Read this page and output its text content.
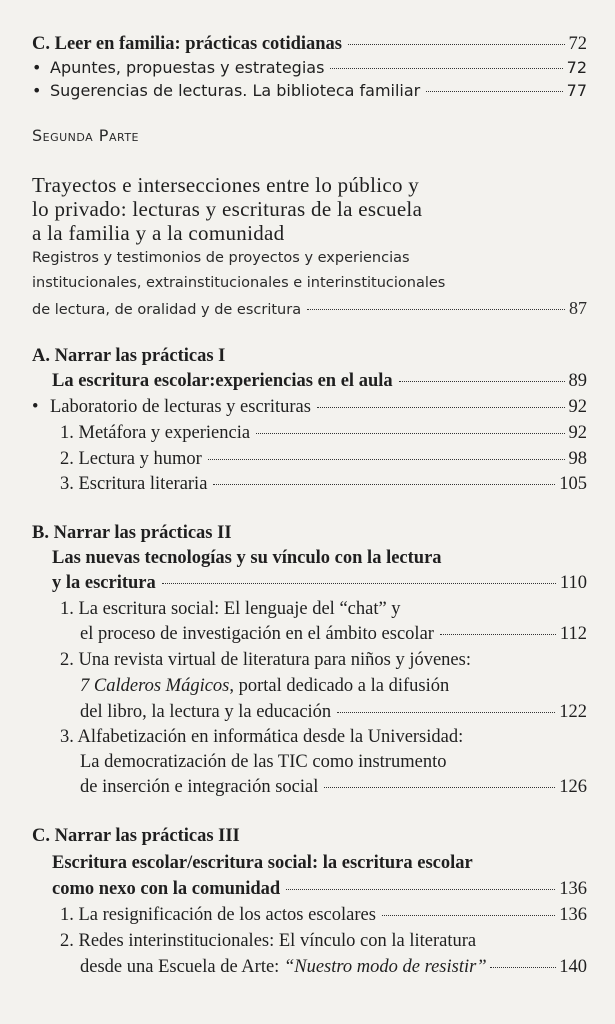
C. Leer en familia: prácticas cotidianas	72
• Apuntes, propuestas y estrategias	72
• Sugerencias de lecturas. La biblioteca familiar	77
Segunda Parte
Trayectos e intersecciones entre lo público y
lo privado: lecturas y escrituras de la escuela
a la familia y a la comunidad
Registros y testimonios de proyectos y experiencias
institucionales, extrainstitucionales e interinstitucionales
de lectura, de oralidad y de escritura	87
A. Narrar las prácticas I
La escritura escolar:experiencias en el aula	89
• Laboratorio de lecturas y escrituras	92
1. Metáfora y experiencia	92
2. Lectura y humor	98
3. Escritura literaria	105
B. Narrar las prácticas II
Las nuevas tecnologías y su vínculo con la lectura
y la escritura	110
1. La escritura social: El lenguaje del “chat” y
el proceso de investigación en el ámbito escolar	112
2. Una revista virtual de literatura para niños y jóvenes:
7 Calderos Mágicos, portal dedicado a la difusión
del libro, la lectura y la educación	122
3. Alfabetización en informática desde la Universidad:
La democratización de las TIC como instrumento
de inserción e integración social	126
C. Narrar las prácticas III
Escritura escolar/escritura social: la escritura escolar
como nexo con la comunidad	136
1. La resignificación de los actos escolares	136
2. Redes interinstitucionales: El vínculo con la literatura
desde una Escuela de Arte: “Nuestro modo de resistir”	140
